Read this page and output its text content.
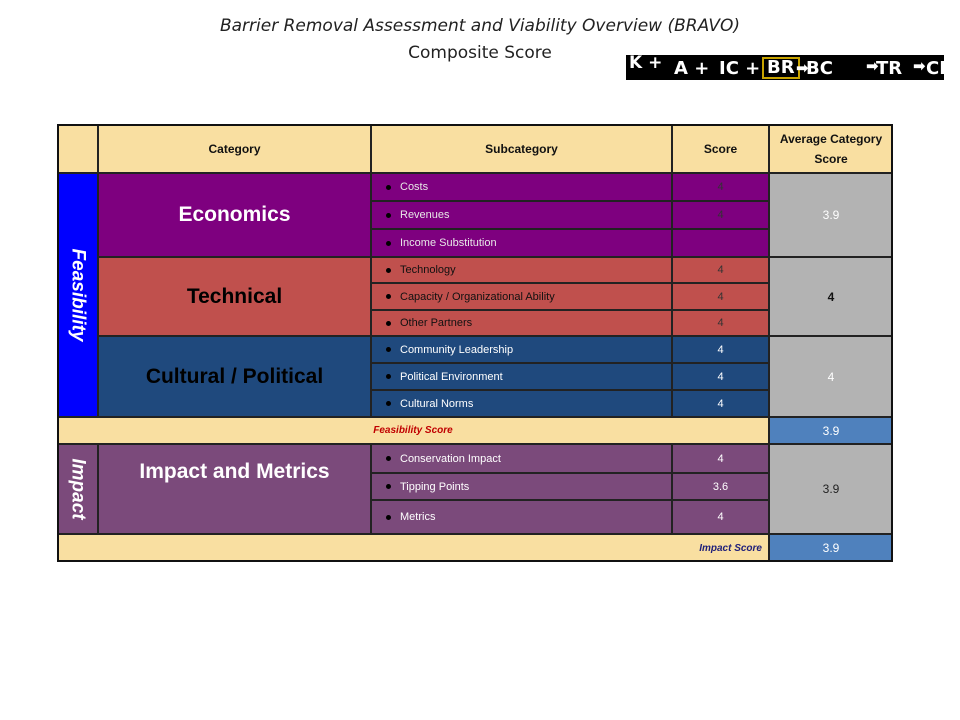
Barrier Removal Assessment and Viability Overview (BRAVO)
Composite Score	K + A + IC + BR ➡
BC ➡
TR ➡ CR
Category	Subcategory	Score
Average Category Score
Feasibility
Economics
Costs	4
Revenues	4
Income Substitution
3.9
Technical
Technology	4
Capacity / Organizational Ability	4
Other Partners	4
4
Cultural / Political
Community Leadership	4
Political Environment	4
Cultural Norms	4
4
Feasibility Score	3.9
Impact	Impact and Metrics
Conservation Impact	4
Tipping Points	3.6
Metrics	4
3.9
Impact Score	3.9
